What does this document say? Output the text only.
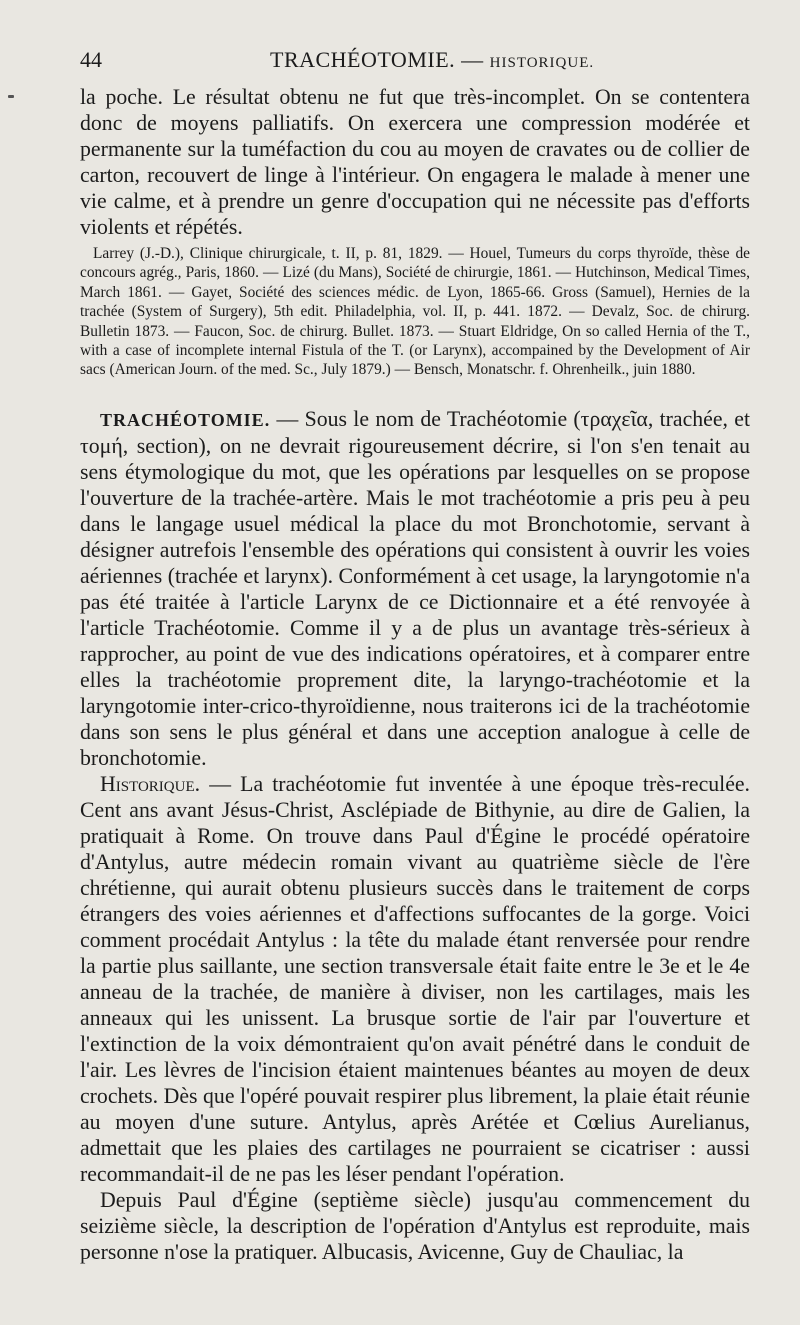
44	TRACHÉOTOMIE. — HISTORIQUE.

la poche. Le résultat obtenu ne fut que très-incomplet. On se contentera donc de moyens palliatifs. On exercera une compression modérée et permanente sur la tuméfaction du cou au moyen de cravates ou de collier de carton, recouvert de linge à l'intérieur. On engagera le malade à mener une vie calme, et à prendre un genre d'occupation qui ne nécessite pas d'efforts violents et répétés.

Larrey (J.-D.), Clinique chirurgicale, t. II, p. 81, 1829. — Houel, Tumeurs du corps thyroïde, thèse de concours agrég., Paris, 1860. — Lizé (du Mans), Société de chirurgie, 1861. — Hutchinson, Medical Times, March 1861. — Gayet, Société des sciences médic. de Lyon, 1865-66. Gross (Samuel), Hernies de la trachée (System of Surgery), 5th edit. Philadelphia, vol. II, p. 441. 1872. — Devalz, Soc. de chirurg. Bulletin 1873. — Faucon, Soc. de chirurg. Bullet. 1873. — Stuart Eldridge, On so called Hernia of the T., with a case of incomplete internal Fistula of the T. (or Larynx), accompained by the Development of Air sacs (American Journ. of the med. Sc., July 1879.) — Bensch, Monatschr. f. Ohrenheilk., juin 1880.

TRACHÉOTOMIE. — Sous le nom de Trachéotomie (τραχεῖα, trachée, et τομή, section), on ne devrait rigoureusement décrire, si l'on s'en tenait au sens étymologique du mot, que les opérations par lesquelles on se propose l'ouverture de la trachée-artère. Mais le mot trachéotomie a pris peu à peu dans le langage usuel médical la place du mot Bronchotomie, servant à désigner autrefois l'ensemble des opérations qui consistent à ouvrir les voies aériennes (trachée et larynx). Conformément à cet usage, la laryngotomie n'a pas été traitée à l'article Larynx de ce Dictionnaire et a été renvoyée à l'article Trachéotomie. Comme il y a de plus un avantage très-sérieux à rapprocher, au point de vue des indications opératoires, et à comparer entre elles la trachéotomie proprement dite, la laryngo-trachéotomie et la laryngotomie inter-crico-thyroïdienne, nous traiterons ici de la trachéotomie dans son sens le plus général et dans une acception analogue à celle de bronchotomie.

Historique. — La trachéotomie fut inventée à une époque très-reculée. Cent ans avant Jésus-Christ, Asclépiade de Bithynie, au dire de Galien, la pratiquait à Rome. On trouve dans Paul d'Égine le procédé opératoire d'Antylus, autre médecin romain vivant au quatrième siècle de l'ère chrétienne, qui aurait obtenu plusieurs succès dans le traitement de corps étrangers des voies aériennes et d'affections suffocantes de la gorge. Voici comment procédait Antylus : la tête du malade étant renversée pour rendre la partie plus saillante, une section transversale était faite entre le 3e et le 4e anneau de la trachée, de manière à diviser, non les cartilages, mais les anneaux qui les unissent. La brusque sortie de l'air par l'ouverture et l'extinction de la voix démontraient qu'on avait pénétré dans le conduit de l'air. Les lèvres de l'incision étaient maintenues béantes au moyen de deux crochets. Dès que l'opéré pouvait respirer plus librement, la plaie était réunie au moyen d'une suture. Antylus, après Arétée et Cœlius Aurelianus, admettait que les plaies des cartilages ne pourraient se cicatriser : aussi recommandait-il de ne pas les léser pendant l'opération.

Depuis Paul d'Égine (septième siècle) jusqu'au commencement du seizième siècle, la description de l'opération d'Antylus est reproduite, mais personne n'ose la pratiquer. Albucasis, Avicenne, Guy de Chauliac, la
